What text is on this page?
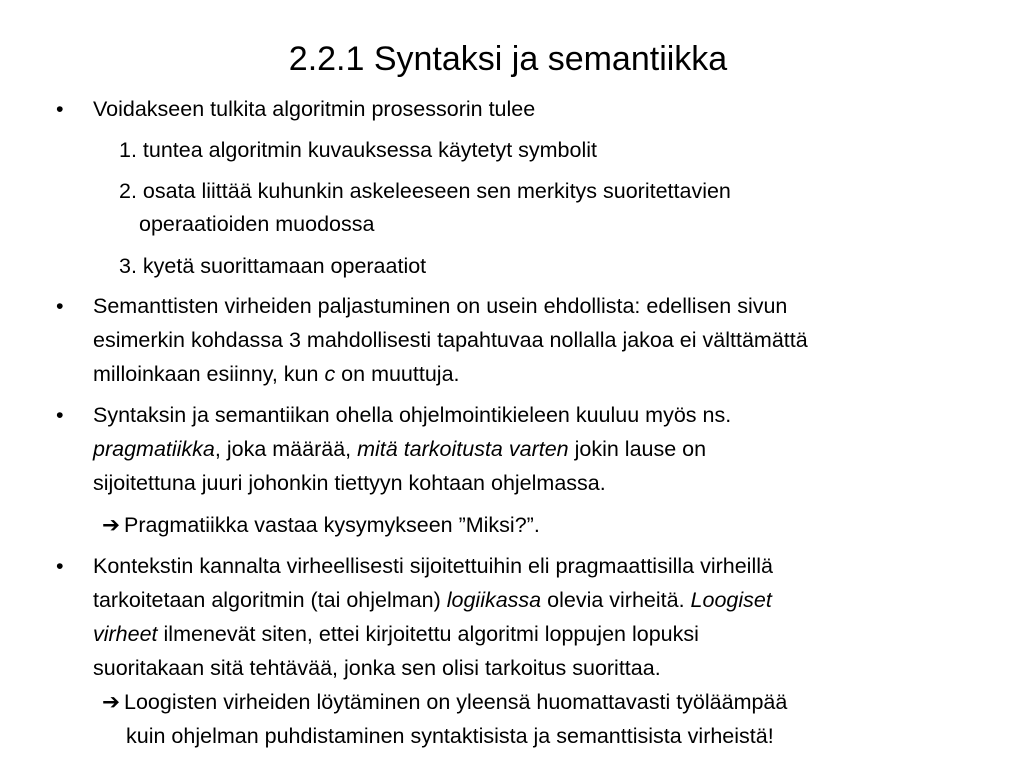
2.2.1 Syntaksi ja semantiikka
• Voidakseen tulkita algoritmin prosessorin tulee
1. tuntea algoritmin kuvauksessa käytetyt symbolit
2. osata liittää kuhunkin askeleeseen sen merkitys suoritettavien
operaatioiden muodossa
3. kyetä suorittamaan operaatiot
• Semanttisten virheiden paljastuminen on usein ehdollista: edellisen sivun
esimerkin kohdassa 3 mahdollisesti tapahtuvaa nollalla jakoa ei välttämättä
milloinkaan esiinny, kun c on muuttuja.
• Syntaksin ja semantiikan ohella ohjelmointikieleen kuuluu myös ns.
pragmatiikka, joka määrää, mitä tarkoitusta varten jokin lause on
sijoitettuna juuri johonkin tiettyyn kohtaan ohjelmassa.
➔ Pragmatiikka vastaa kysymykseen ”Miksi?”.
• Kontekstin kannalta virheellisesti sijoitettuihin eli pragmaattisilla virheillä
tarkoitetaan algoritmin (tai ohjelman) logiikassa olevia virheitä. Loogiset
virheet ilmenevät siten, ettei kirjoitettu algoritmi loppujen lopuksi
suoritakaan sitä tehtävää, jonka sen olisi tarkoitus suorittaa.
➔ Loogisten virheiden löytäminen on yleensä huomattavasti työläämpää
kuin ohjelman puhdistaminen syntaktisista ja semanttisista virheistä!
